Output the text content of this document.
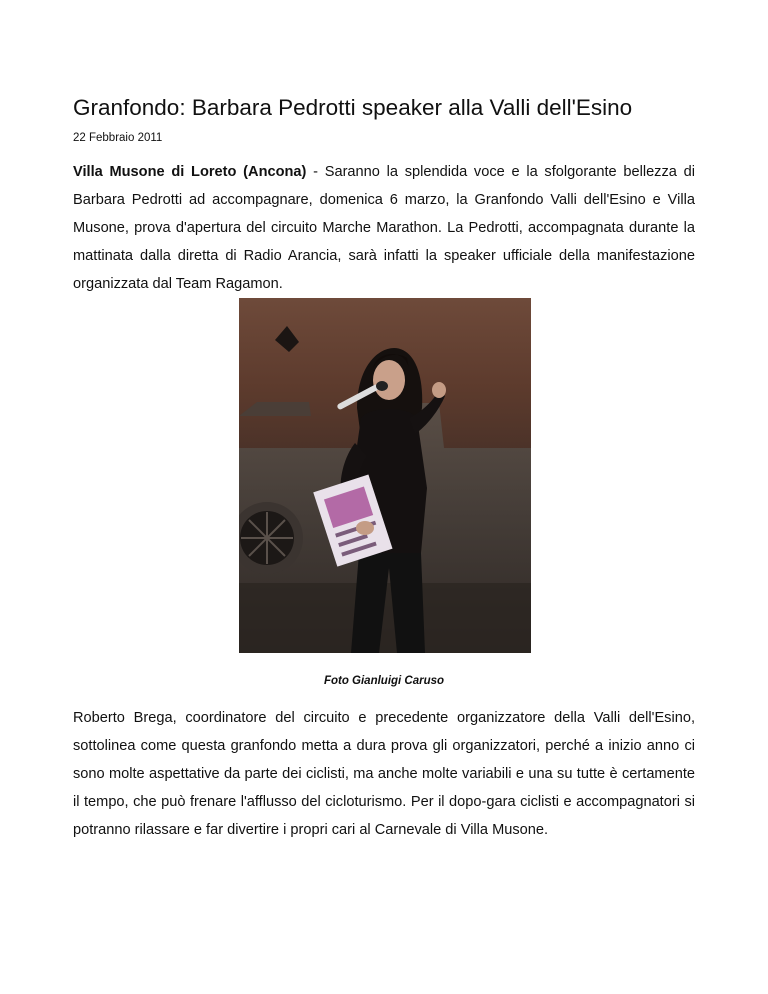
Granfondo: Barbara Pedrotti speaker alla Valli dell'Esino
22 Febbraio 2011

Villa Musone di Loreto (Ancona) - Saranno la splendida voce e la sfolgorante bellezza di Barbara Pedrotti ad accompagnare, domenica 6 marzo, la Granfondo Valli dell'Esino e Villa Musone, prova d'apertura del circuito Marche Marathon. La Pedrotti, accompagnata durante la mattinata dalla diretta di Radio Arancia, sarà infatti la speaker ufficiale della manifestazione organizzata dal Team Ragamon.

Foto Gianluigi Caruso

Roberto Brega, coordinatore del circuito e precedente organizzatore della Valli dell'Esino, sottolinea come questa granfondo metta a dura prova gli organizzatori, perché a inizio anno ci sono molte aspettative da parte dei ciclisti, ma anche molte variabili e una su tutte è certamente il tempo, che può frenare l'afflusso del cicloturismo. Per il dopo-gara ciclisti e accompagnatori si potranno rilassare e far divertire i propri cari al Carnevale di Villa Musone.
